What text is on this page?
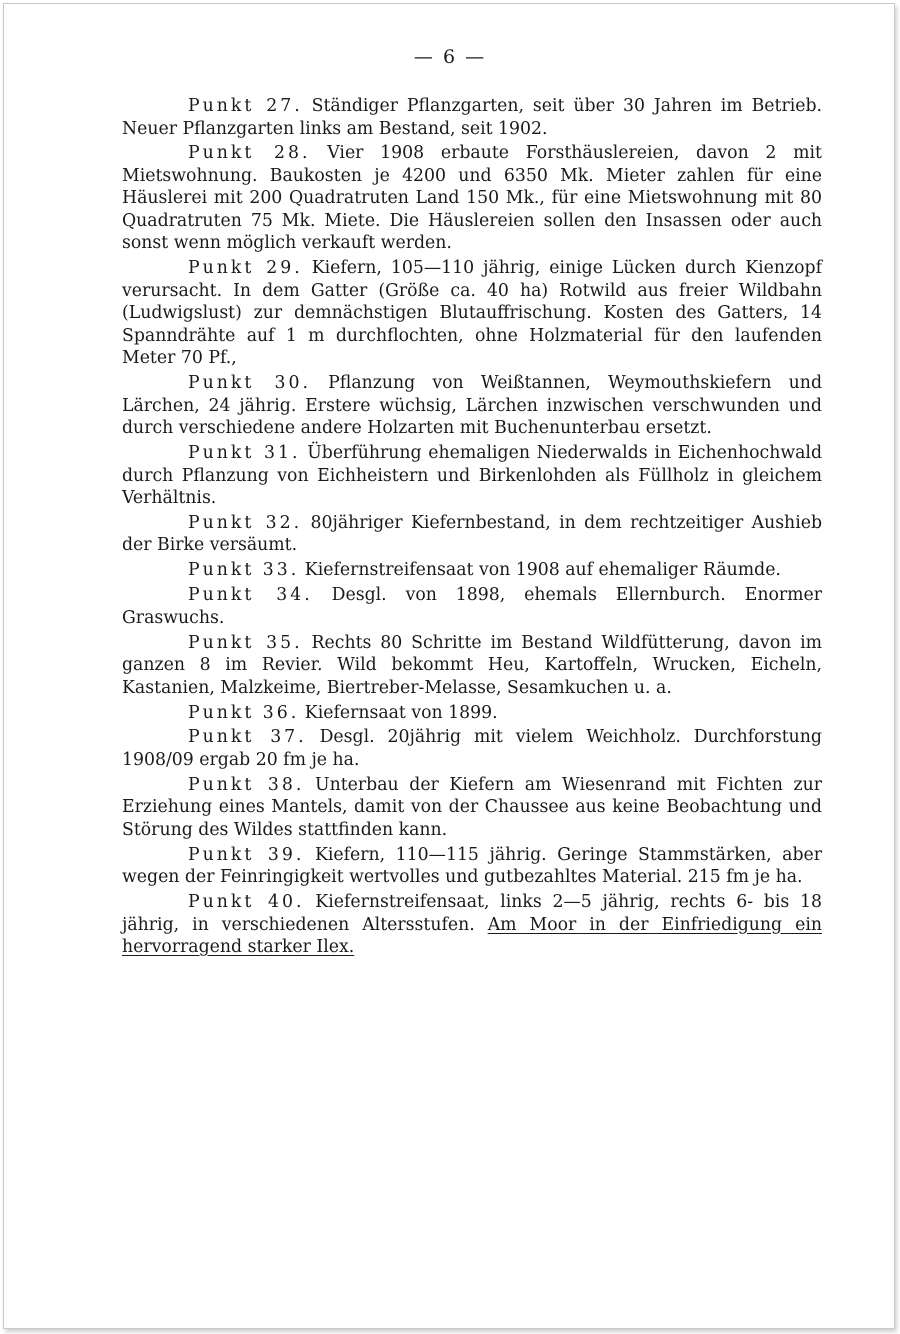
— 6 —

Punkt 27. Ständiger Pflanzgarten, seit über 30 Jahren im Betrieb. Neuer Pflanzgarten links am Bestand, seit 1902.

Punkt 28. Vier 1908 erbaute Forsthäuslereien, davon 2 mit Mietswohnung. Baukosten je 4200 und 6350 Mk. Mieter zahlen für eine Häuslerei mit 200 Quadratruten Land 150 Mk., für eine Mietswohnung mit 80 Quadratruten 75 Mk. Miete. Die Häuslereien sollen den Insassen oder auch sonst wenn möglich verkauft werden.

Punkt 29. Kiefern, 105—110 jährig, einige Lücken durch Kienzopf verursacht. In dem Gatter (Größe ca. 40 ha) Rotwild aus freier Wildbahn (Ludwigslust) zur demnächstigen Blutauffrischung. Kosten des Gatters, 14 Spanndrähte auf 1 m durchflochten, ohne Holzmaterial für den laufenden Meter 70 Pf.,

Punkt 30. Pflanzung von Weißtannen, Weymouthskiefern und Lärchen, 24 jährig. Erstere wüchsig, Lärchen inzwischen verschwunden und durch verschiedene andere Holzarten mit Buchenunterbau ersetzt.

Punkt 31. Überführung ehemaligen Niederwalds in Eichenhochwald durch Pflanzung von Eichheistern und Birkenlohden als Füllholz in gleichem Verhältnis.

Punkt 32. 80jähriger Kiefernbestand, in dem rechtzeitiger Aushieb der Birke versäumt.

Punkt 33. Kiefernstreifensaat von 1908 auf ehemaliger Räumde.

Punkt 34. Desgl. von 1898, ehemals Ellernburch. Enormer Graswuchs.

Punkt 35. Rechts 80 Schritte im Bestand Wildfütterung, davon im ganzen 8 im Revier. Wild bekommt Heu, Kartoffeln, Wrucken, Eicheln, Kastanien, Malzkeime, Biertreber-Melasse, Sesamkuchen u. a.

Punkt 36. Kiefernsaat von 1899.

Punkt 37. Desgl. 20jährig mit vielem Weichholz. Durchforstung 1908/09 ergab 20 fm je ha.

Punkt 38. Unterbau der Kiefern am Wiesenrand mit Fichten zur Erziehung eines Mantels, damit von der Chaussee aus keine Beobachtung und Störung des Wildes stattfinden kann.

Punkt 39. Kiefern, 110—115 jährig. Geringe Stammstärken, aber wegen der Feinringigkeit wertvolles und gutbezahltes Material. 215 fm je ha.

Punkt 40. Kiefernstreifensaat, links 2—5 jährig, rechts 6- bis 18 jährig, in verschiedenen Altersstufen. Am Moor in der Einfriedigung ein hervorragend starker Ilex.
